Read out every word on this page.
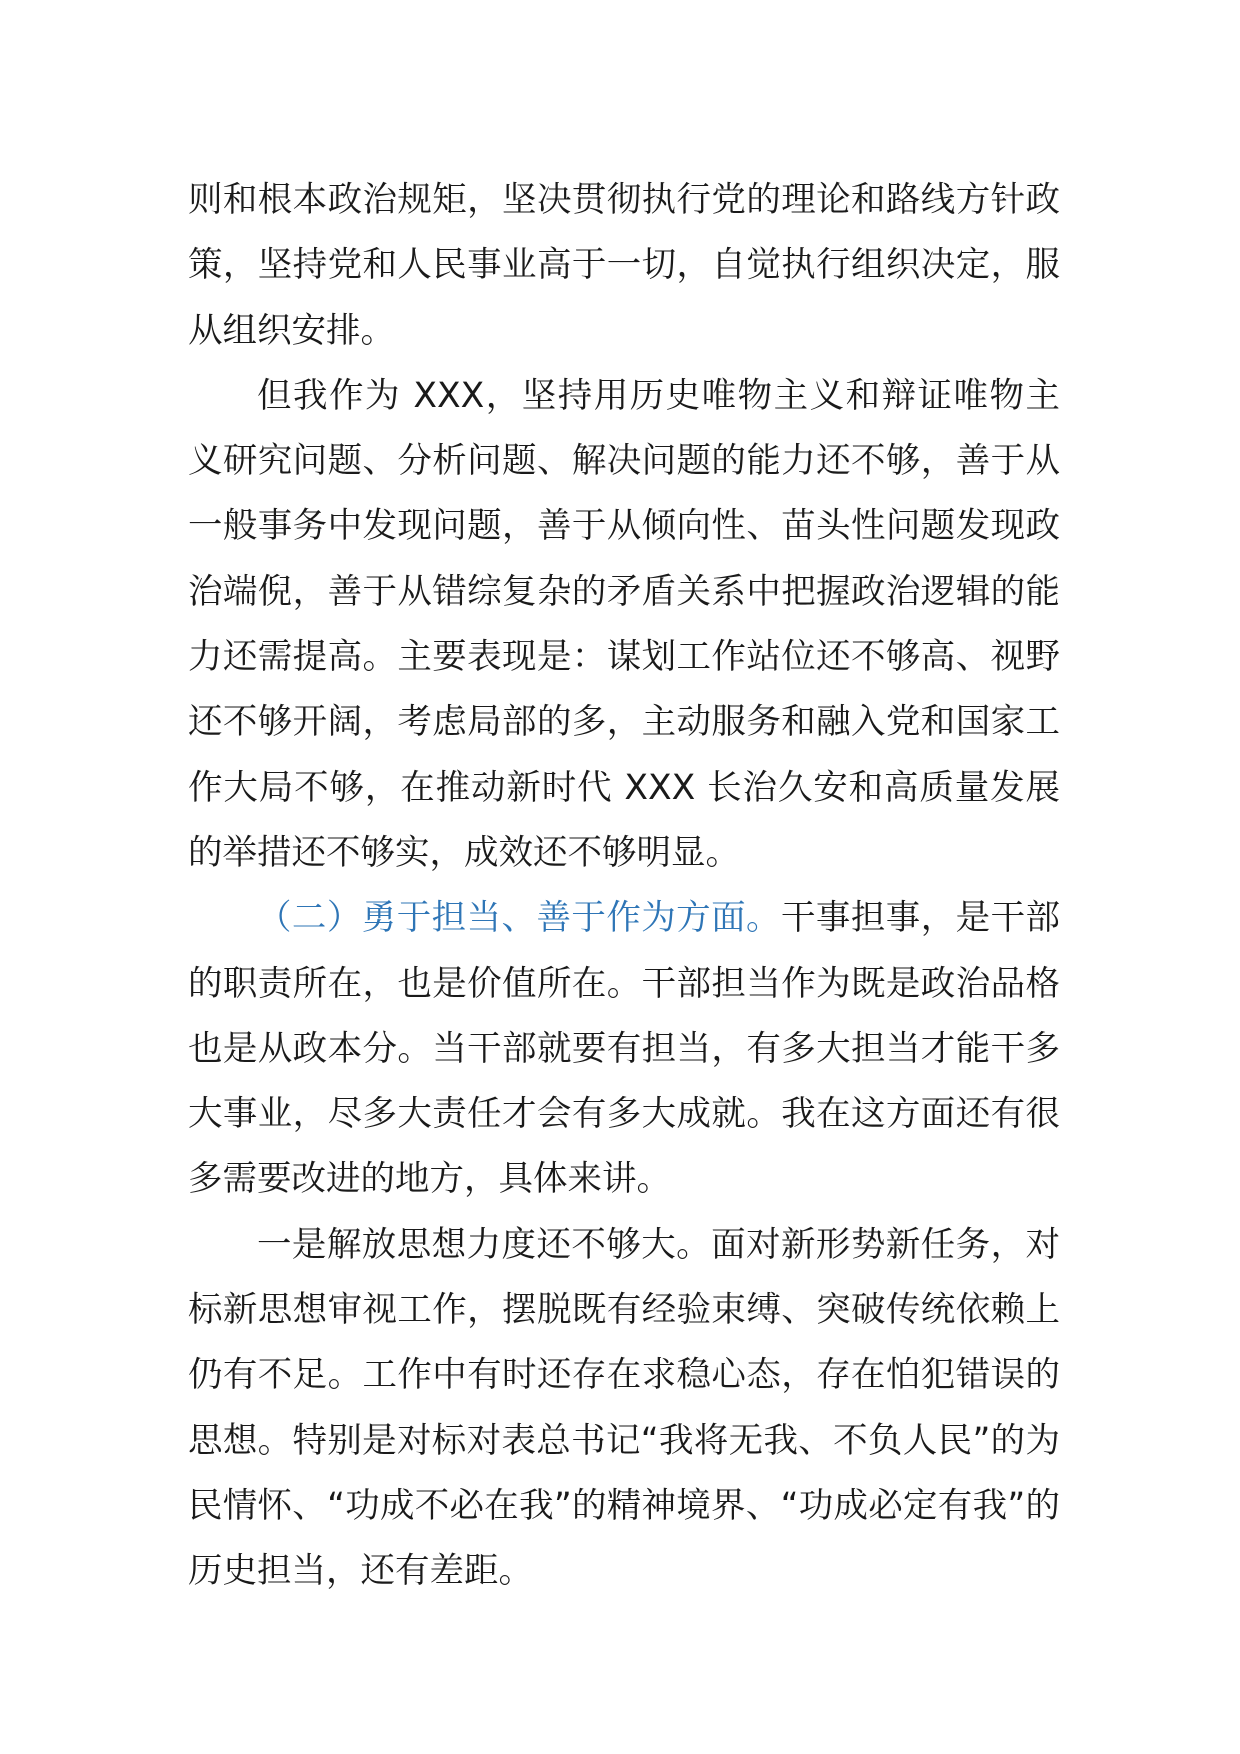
则和根本政治规矩，坚决贯彻执行党的理论和路线方针政策，坚持党和人民事业高于一切，自觉执行组织决定，服从组织安排。

但我作为 XXX，坚持用历史唯物主义和辩证唯物主义研究问题、分析问题、解决问题的能力还不够，善于从一般事务中发现问题，善于从倾向性、苗头性问题发现政治端倪，善于从错综复杂的矛盾关系中把握政治逻辑的能力还需提高。主要表现是：谋划工作站位还不够高、视野还不够开阔，考虑局部的多，主动服务和融入党和国家工作大局不够，在推动新时代 XXX 长治久安和高质量发展的举措还不够实，成效还不够明显。

（二）勇于担当、善于作为方面。干事担事，是干部的职责所在，也是价值所在。干部担当作为既是政治品格也是从政本分。当干部就要有担当，有多大担当才能干多大事业，尽多大责任才会有多大成就。我在这方面还有很多需要改进的地方，具体来讲。

一是解放思想力度还不够大。面对新形势新任务，对标新思想审视工作，摆脱既有经验束缚、突破传统依赖上仍有不足。工作中有时还存在求稳心态，存在怕犯错误的思想。特别是对标对表总书记“我将无我、不负人民”的为民情怀、“功成不必在我”的精神境界、“功成必定有我”的历史担当，还有差距。
